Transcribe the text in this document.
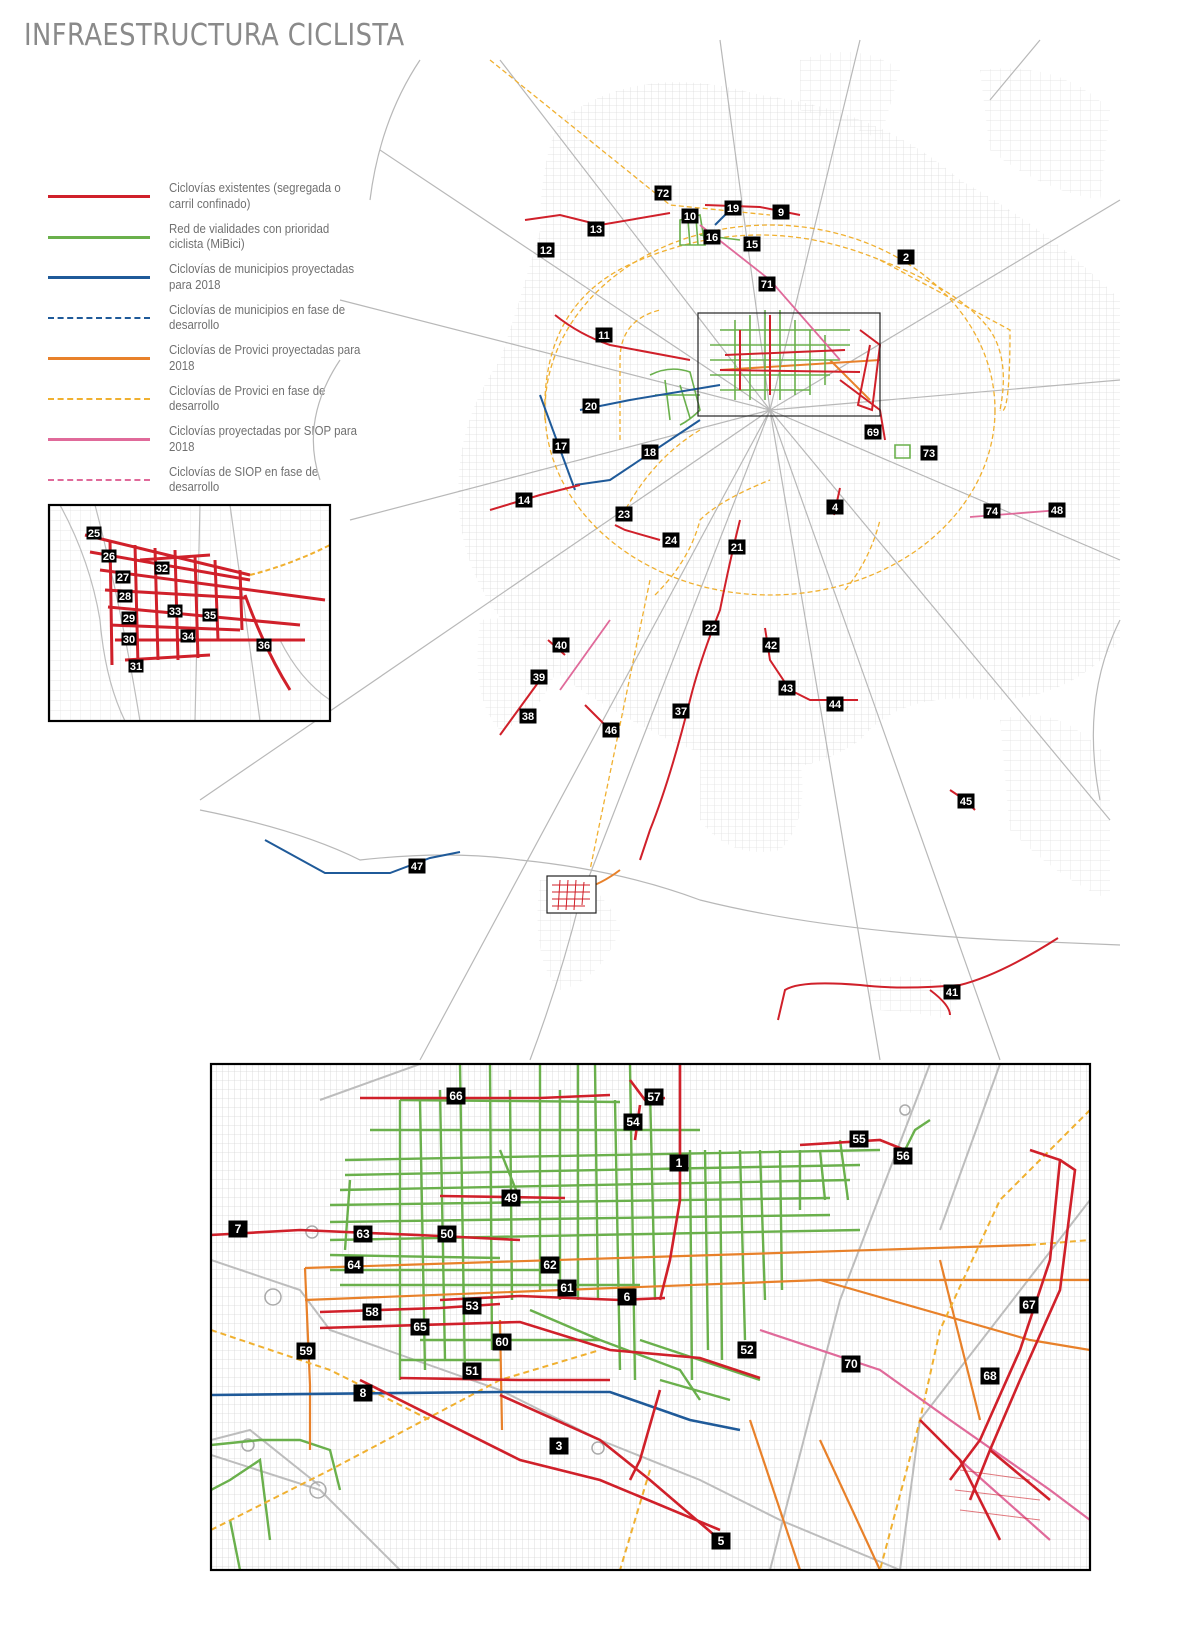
INFRAESTRUCTURA CICLISTA
Ciclovías existentes (segregada o carril confinado)
Red de vialidades con prioridad ciclista (MiBici)
Ciclovías de municipios proyectadas para 2018
Ciclovías de municipios en fase de desarrollo
Ciclovías de Provici proyectadas para 2018
Ciclovías de Provici en fase de desarrollo
Ciclovías proyectadas por SIOP para 2018
Ciclovías de SIOP en fase de desarrollo
72
10
19	9
16
15
13
12
2
71
11
20
17	18
69
73
14
23
24
4
21
74	48
22
42
40
39
43
44
38	37
46
45
47
41
25
26
27
32
28
29
33 35
30	34
36
31
66	57
54
55
56
1
49
7	63	50
64	62
61
6
67
58	53
65
60
52
70
59
51	68
8
3
5
